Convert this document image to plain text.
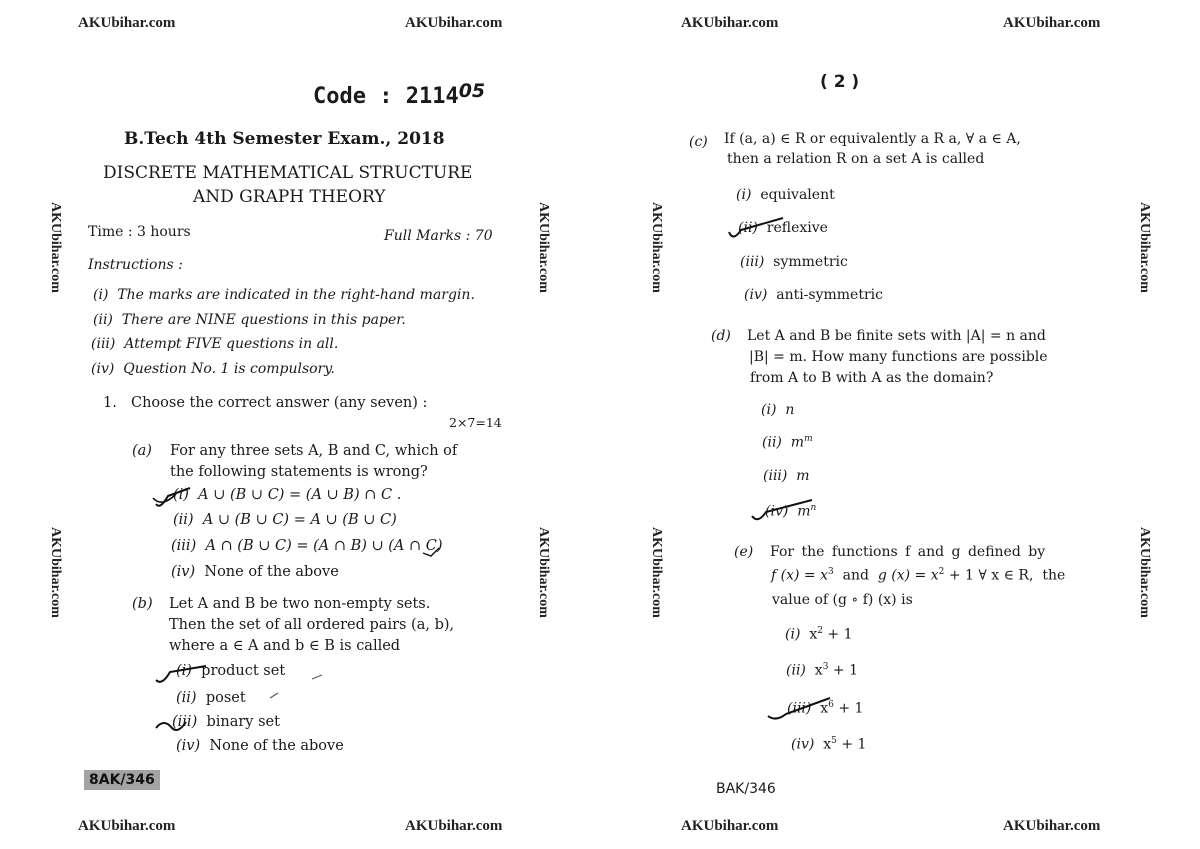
AKUbihar.com	AKUbihar.com	AKUbihar.com	AKUbihar.com
AKUbihar.com	AKUbihar.com	AKUbihar.com	AKUbihar.com
AKUbihar.com
AKUbihar.com
AKUbihar.com
AKUbihar.com
AKUbihar.com
AKUbihar.com
AKUbihar.com
AKUbihar.com
Code : 211405
B.Tech 4th Semester Exam., 2018
DISCRETE MATHEMATICAL STRUCTURE
AND GRAPH THEORY
Time : 3 hours	Full Marks : 70
Instructions :
(i) The marks are indicated in the right-hand margin.
(ii) There are NINE questions in this paper.
(iii) Attempt FIVE questions in all.
(iv) Question No. 1 is compulsory.
1. Choose the correct answer (any seven) :
2×7=14
(a) For any three sets A, B and C, which of
the following statements is wrong?
(i) A ∪ (B ∪ C) = (A ∪ B) ∩ C .
(ii) A ∪ (B ∪ C) = A ∪ (B ∪ C)
(iii) A ∩ (B ∪ C) = (A ∩ B) ∪ (A ∩ C)
(iv) None of the above
(b) Let A and B be two non-empty sets.
Then the set of all ordered pairs (a, b),
where a ∈ A and b ∈ B is called
(i) product set
(ii) poset
(iii) binary set
(iv) None of the above
8AK/346
( 2 )
(c) If (a, a) ∈ R or equivalently a R a, ∀ a ∈ A,
then a relation R on a set A is called
(i) equivalent
(ii) reflexive
(iii) symmetric
(iv) anti-symmetric
(d) Let A and B be finite sets with |A| = n and
|B| = m. How many functions are possible
from A to B with A as the domain?
(i) n
(ii) $m^m$
(iii) m
(iv) $m^n$
(e) For the functions f and g defined by
f $(x) = x^3$ and g $(x) = x^2 + 1$ ∀ x ∈ R, the
value of (g ∘ f) (x) is
(i) $x^2 + 1$
(ii) $x^3 + 1$
(iii) $x^6 + 1$
(iv) $x^5 + 1$
BAK/346
